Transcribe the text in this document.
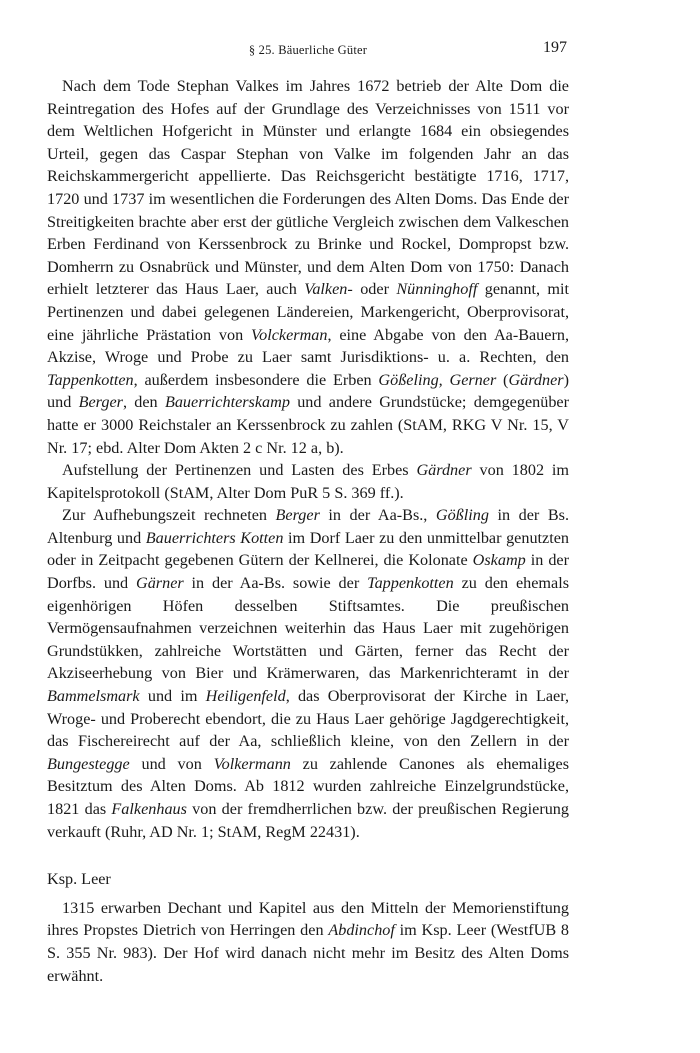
§ 25. Bäuerliche Güter	197

Nach dem Tode Stephan Valkes im Jahres 1672 betrieb der Alte Dom die Reintregation des Hofes auf der Grundlage des Verzeichnisses von 1511 vor dem Weltlichen Hofgericht in Münster und erlangte 1684 ein obsiegendes Urteil, gegen das Caspar Stephan von Valke im folgenden Jahr an das Reichskammergericht appellierte. Das Reichsgericht bestätigte 1716, 1717, 1720 und 1737 im wesentlichen die Forderungen des Alten Doms. Das Ende der Streitigkeiten brachte aber erst der gütliche Vergleich zwischen dem Valkeschen Erben Ferdinand von Kerssenbrock zu Brinke und Rockel, Dompropst bzw. Domherrn zu Osnabrück und Münster, und dem Alten Dom von 1750: Danach erhielt letzterer das Haus Laer, auch Valken- oder Nünninghoff genannt, mit Pertinenzen und dabei gelegenen Ländereien, Markengericht, Oberprovisorat, eine jährliche Prästation von Volckerman, eine Abgabe von den Aa-Bauern, Akzise, Wroge und Probe zu Laer samt Jurisdiktions- u. a. Rechten, den Tappenkotten, außerdem insbesondere die Erben Gößeling, Gerner (Gärdner) und Berger, den Bauerrichterskamp und andere Grundstücke; demgegenüber hatte er 3000 Reichstaler an Kerssenbrock zu zahlen (StAM, RKG V Nr. 15, V Nr. 17; ebd. Alter Dom Akten 2 c Nr. 12 a, b).

Aufstellung der Pertinenzen und Lasten des Erbes Gärdner von 1802 im Kapitelsprotokoll (StAM, Alter Dom PuR 5 S. 369 ff.).

Zur Aufhebungszeit rechneten Berger in der Aa-Bs., Gößling in der Bs. Altenburg und Bauerrichters Kotten im Dorf Laer zu den unmittelbar genutzten oder in Zeitpacht gegebenen Gütern der Kellnerei, die Kolonate Oskamp in der Dorfbs. und Gärner in der Aa-Bs. sowie der Tappenkotten zu den ehemals eigenhörigen Höfen desselben Stiftsamtes. Die preußischen Vermögensaufnahmen verzeichnen weiterhin das Haus Laer mit zugehörigen Grundstükken, zahlreiche Wortstätten und Gärten, ferner das Recht der Akziseerhebung von Bier und Krämerwaren, das Markenrichteramt in der Bammelsmark und im Heiligenfeld, das Oberprovisorat der Kirche in Laer, Wroge- und Proberecht ebendort, die zu Haus Laer gehörige Jagdgerechtigkeit, das Fischereirecht auf der Aa, schließlich kleine, von den Zellern in der Bungestegge und von Volkermann zu zahlende Canones als ehemaliges Besitztum des Alten Doms. Ab 1812 wurden zahlreiche Einzelgrundstücke, 1821 das Falkenhaus von der fremdherrlichen bzw. der preußischen Regierung verkauft (Ruhr, AD Nr. 1; StAM, RegM 22431).

Ksp. Leer

1315 erwarben Dechant und Kapitel aus den Mitteln der Memorienstiftung ihres Propstes Dietrich von Herringen den Abdinchof im Ksp. Leer (WestfUB 8 S. 355 Nr. 983). Der Hof wird danach nicht mehr im Besitz des Alten Doms erwähnt.
